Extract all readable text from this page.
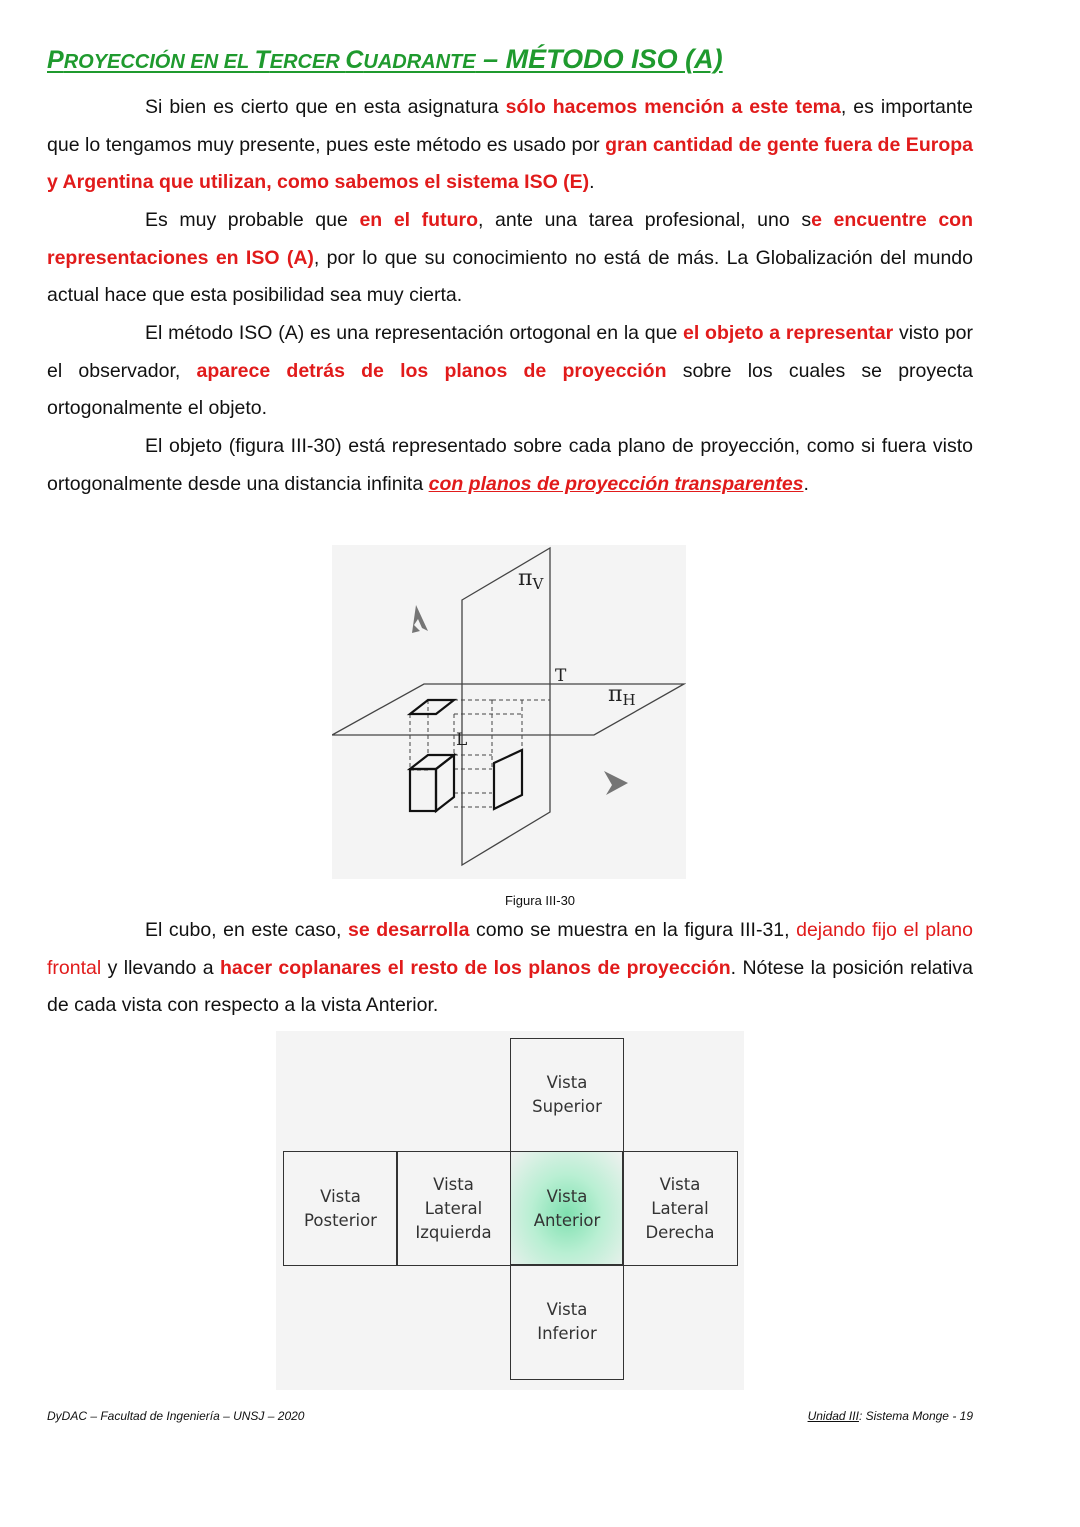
PROYECCIÓN EN EL TERCER CUADRANTE – MÉTODO ISO (A)
Si bien es cierto que en esta asignatura sólo hacemos mención a este tema, es importante que lo tengamos muy presente, pues este método es usado por gran cantidad de gente fuera de Europa y Argentina que utilizan, como sabemos el sistema ISO (E).
Es muy probable que en el futuro, ante una tarea profesional, uno se encuentre con representaciones en ISO (A), por lo que su conocimiento no está de más. La Globalización del mundo actual hace que esta posibilidad sea muy cierta.
El método ISO (A) es una representación ortogonal en la que el objeto a representar visto por el observador, aparece detrás de los planos de proyección sobre los cuales se proyecta ortogonalmente el objeto.
El objeto (figura III-30) está representado sobre cada plano de proyección, como si fuera visto ortogonalmente desde una distancia infinita con planos de proyección transparentes.
πV
πH
T
L
Figura III-30
El cubo, en este caso, se desarrolla como se muestra en la figura III-31, dejando fijo el plano frontal y llevando a hacer coplanares el resto de los planos de proyección. Nótese la posición relativa de cada vista con respecto a la vista Anterior.
Vista
Superior
Vista
Posterior
Vista
Lateral
Izquierda
Vista
Anterior
Vista
Lateral
Derecha
Vista
Inferior
DyDAC – Facultad de Ingeniería – UNSJ – 2020	Unidad III: Sistema Monge - 19
